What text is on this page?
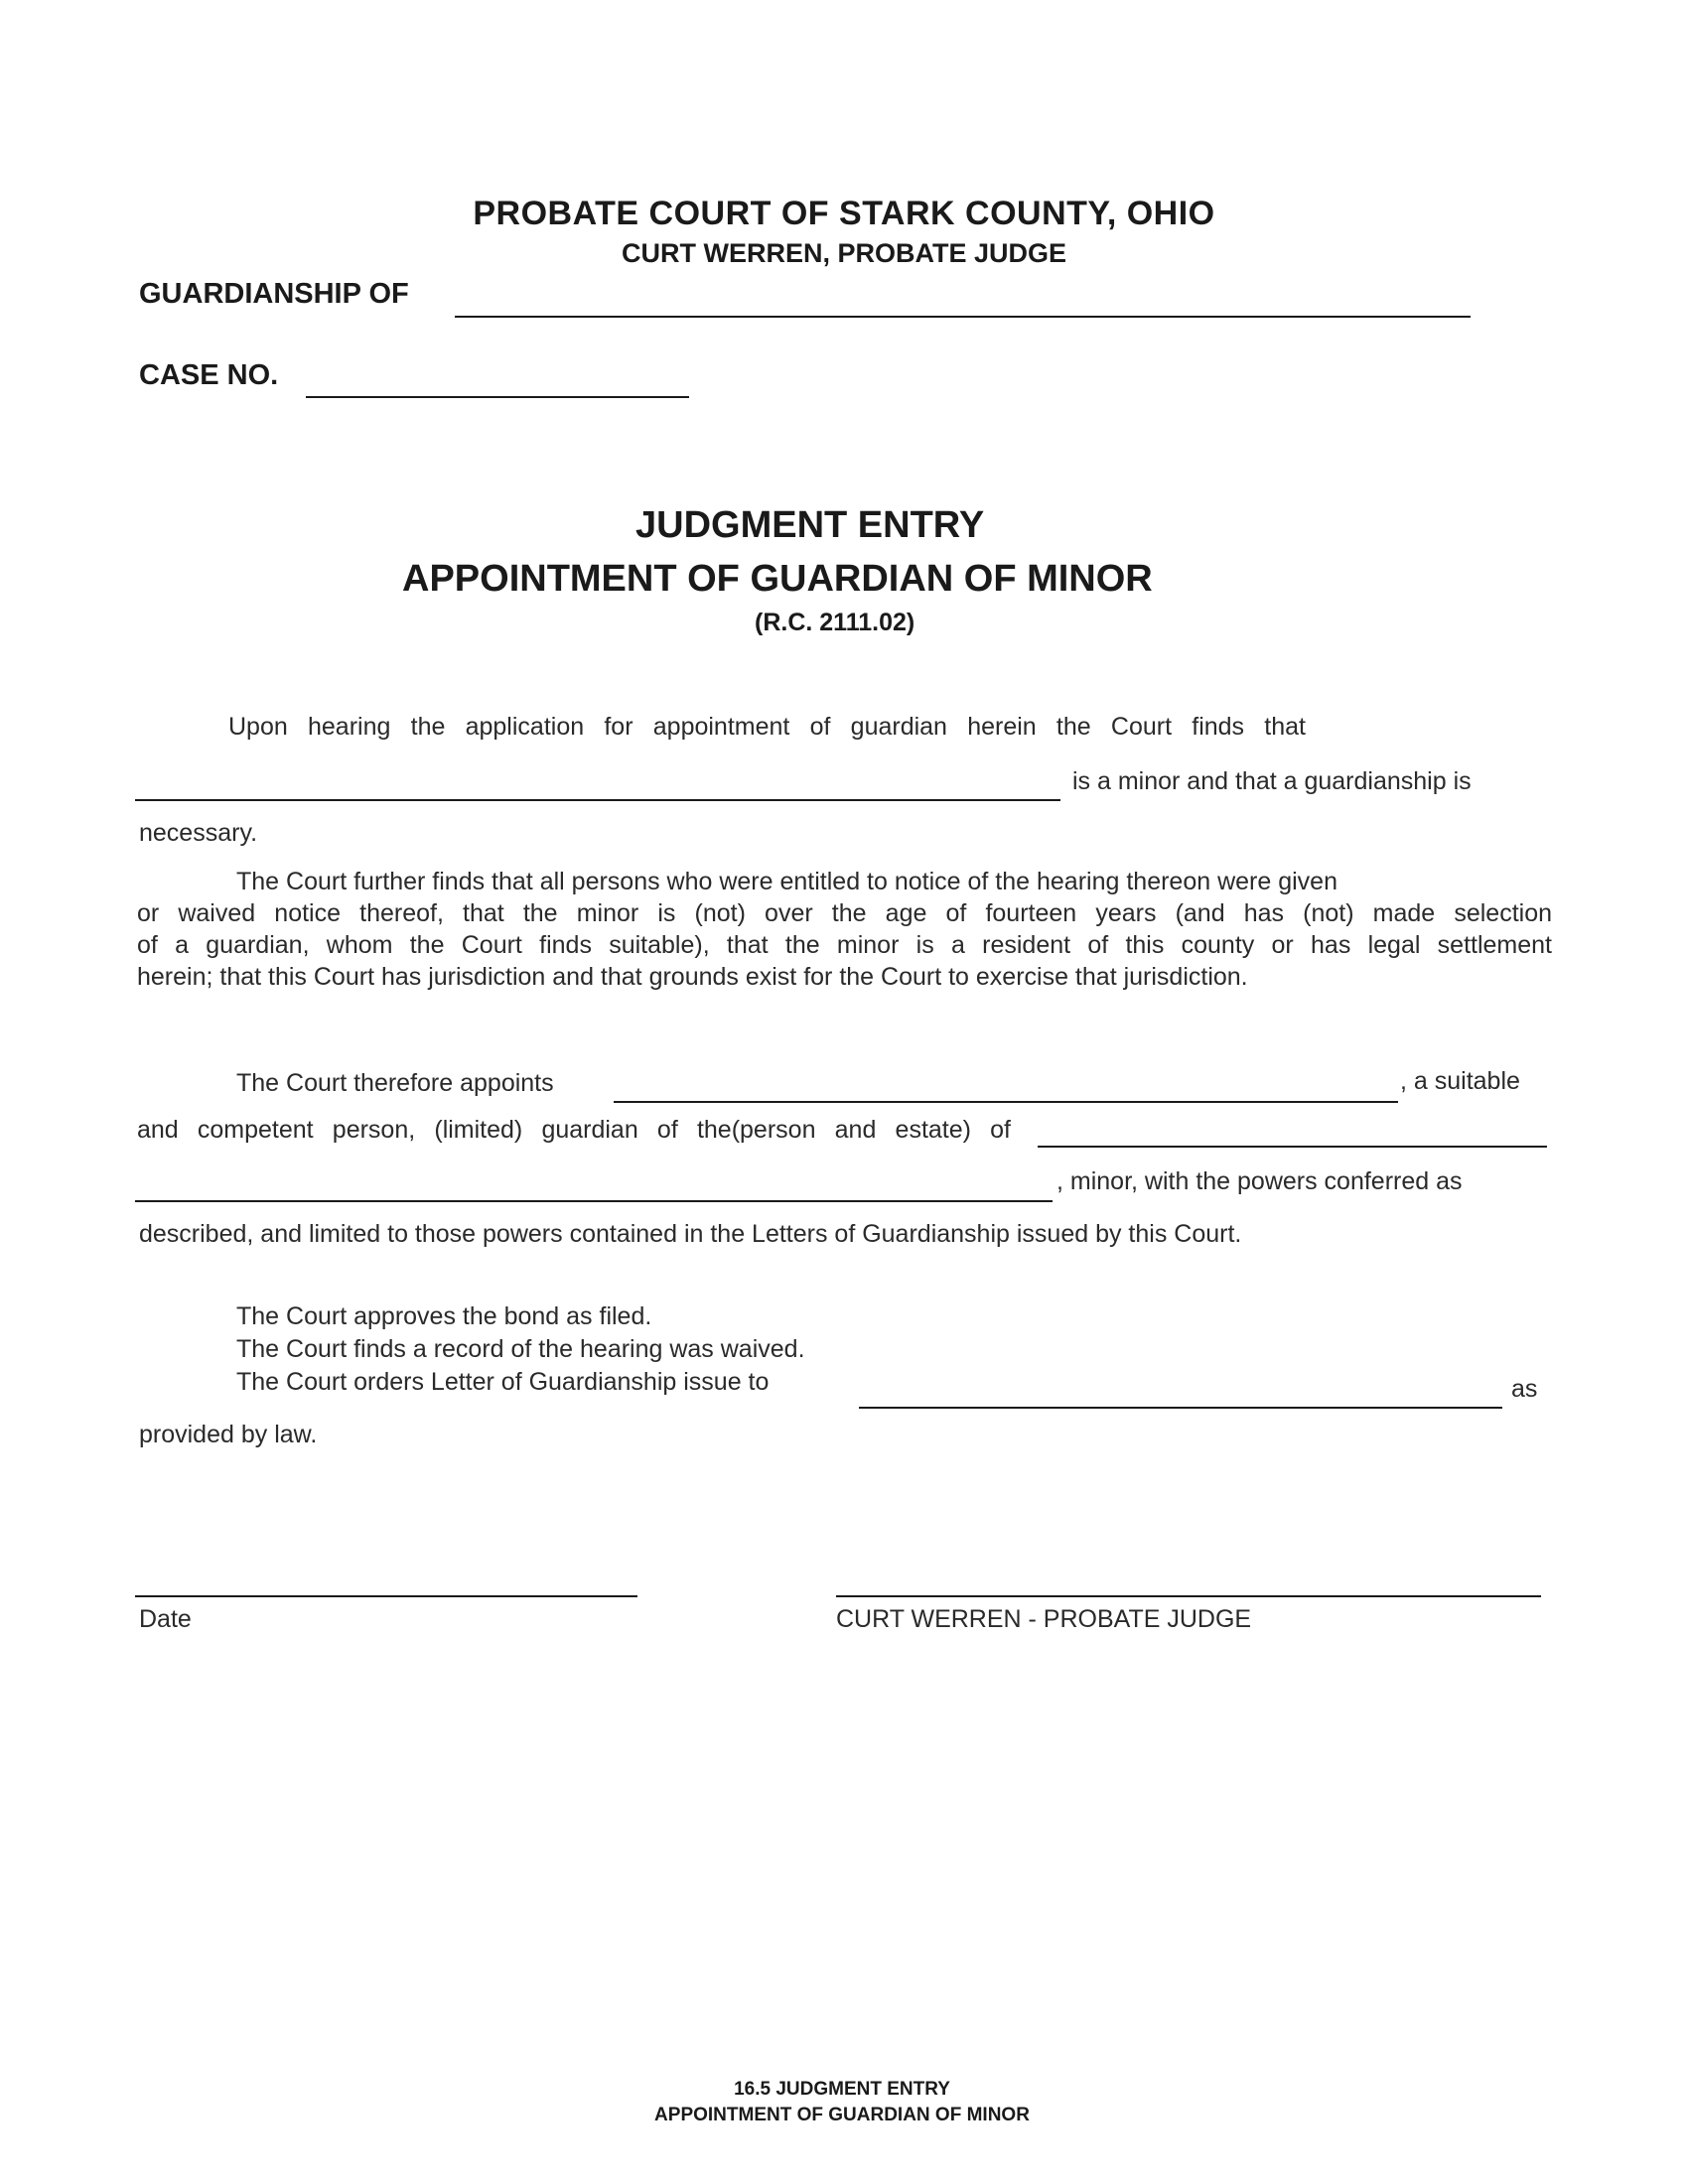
PROBATE COURT OF STARK COUNTY, OHIO
CURT WERREN, PROBATE JUDGE
GUARDIANSHIP OF
CASE NO.
JUDGMENT ENTRY
APPOINTMENT OF GUARDIAN OF MINOR
(R.C. 2111.02)
Upon hearing the application for appointment of guardian herein the Court finds that
is a minor and that a guardianship is
necessary.
The Court further finds that all persons who were entitled to notice of the hearing thereon were given
or waived notice thereof, that the minor is (not) over the age of fourteen years (and has (not) made selection
of a guardian, whom the Court finds suitable), that the minor is a resident of this county or has legal settlement
herein; that this Court has jurisdiction and that grounds exist for the Court to exercise that jurisdiction.
The Court therefore appoints	, a suitable
and competent person, (limited) guardian of the(person and estate) of
, minor, with the powers conferred as
described, and limited to those powers contained in the Letters of Guardianship issued by this Court.
The Court approves the bond as filed.
The Court finds a record of the hearing was waived.
The Court orders Letter of Guardianship issue to	as
provided by law.
Date	CURT WERREN - PROBATE JUDGE
16.5 JUDGMENT ENTRY
APPOINTMENT OF GUARDIAN OF MINOR
